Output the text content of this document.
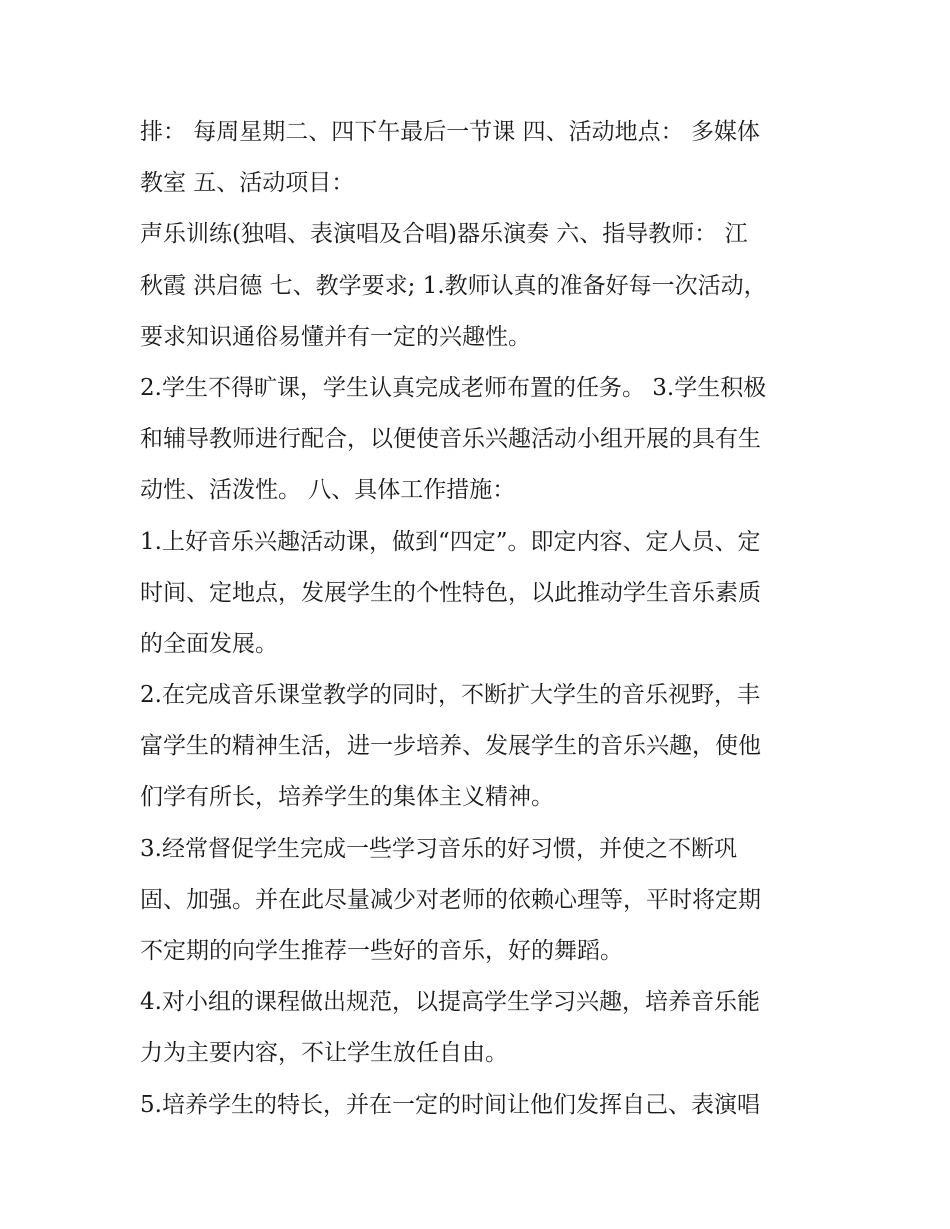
排： 每周星期二、四下午最后一节课 四、活动地点： 多媒体
教室 五、活动项目：
声乐训练(独唱、表演唱及合唱)器乐演奏 六、指导教师： 江
秋霞 洪启德 七、教学要求; 1.教师认真的准备好每一次活动，
要求知识通俗易懂并有一定的兴趣性。
2.学生不得旷课，学生认真完成老师布置的任务。 3.学生积极
和辅导教师进行配合，以便使音乐兴趣活动小组开展的具有生
动性、活泼性。 八、具体工作措施：
1.上好音乐兴趣活动课，做到“四定”。即定内容、定人员、定
时间、定地点，发展学生的个性特色，以此推动学生音乐素质
的全面发展。
2.在完成音乐课堂教学的同时，不断扩大学生的音乐视野，丰
富学生的精神生活，进一步培养、发展学生的音乐兴趣，使他
们学有所长，培养学生的集体主义精神。
3.经常督促学生完成一些学习音乐的好习惯，并使之不断巩
固、加强。并在此尽量减少对老师的依赖心理等，平时将定期
不定期的向学生推荐一些好的音乐，好的舞蹈。
4.对小组的课程做出规范，以提高学生学习兴趣，培养音乐能
力为主要内容，不让学生放任自由。
5.培养学生的特长，并在一定的时间让他们发挥自己、表演唱
